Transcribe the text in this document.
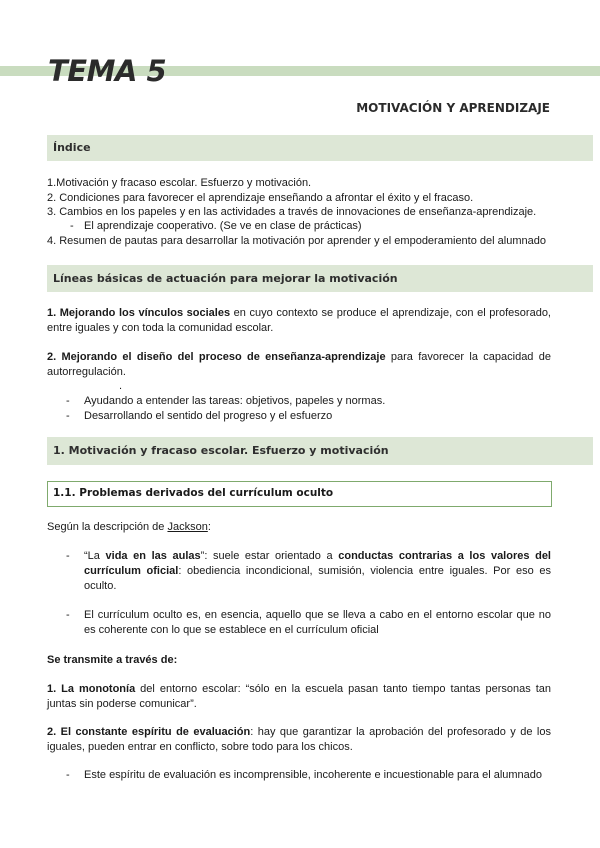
TEMA 5
MOTIVACIÓN Y APRENDIZAJE
Índice
1.Motivación y fracaso escolar. Esfuerzo y motivación.
2. Condiciones para favorecer el aprendizaje enseñando a afrontar el éxito y el fracaso.
3. Cambios en los papeles y en las actividades a través de innovaciones de enseñanza-aprendizaje.
- El aprendizaje cooperativo. (Se ve en clase de prácticas)
4. Resumen de pautas para desarrollar la motivación por aprender y el empoderamiento del alumnado
Líneas básicas de actuación para mejorar la motivación
1. Mejorando los vínculos sociales en cuyo contexto se produce el aprendizaje, con el profesorado, entre iguales y con toda la comunidad escolar.
2. Mejorando el diseño del proceso de enseñanza-aprendizaje para favorecer la capacidad de autorregulación.
.
- Ayudando a entender las tareas: objetivos, papeles y normas.
- Desarrollando el sentido del progreso y el esfuerzo
1. Motivación y fracaso escolar. Esfuerzo y motivación
1.1. Problemas derivados del currículum oculto
Según la descripción de Jackson:
- “La vida en las aulas”: suele estar orientado a conductas contrarias a los valores del currículum oficial: obediencia incondicional, sumisión, violencia entre iguales. Por eso es oculto.
- El currículum oculto es, en esencia, aquello que se lleva a cabo en el entorno escolar que no es coherente con lo que se establece en el currículum oficial
Se transmite a través de:
1. La monotonía del entorno escolar: “sólo en la escuela pasan tanto tiempo tantas personas tan juntas sin poderse comunicar”.
2. El constante espíritu de evaluación: hay que garantizar la aprobación del profesorado y de los iguales, pueden entrar en conflicto, sobre todo para los chicos.
- Este espíritu de evaluación es incomprensible, incoherente e incuestionable para el alumnado
